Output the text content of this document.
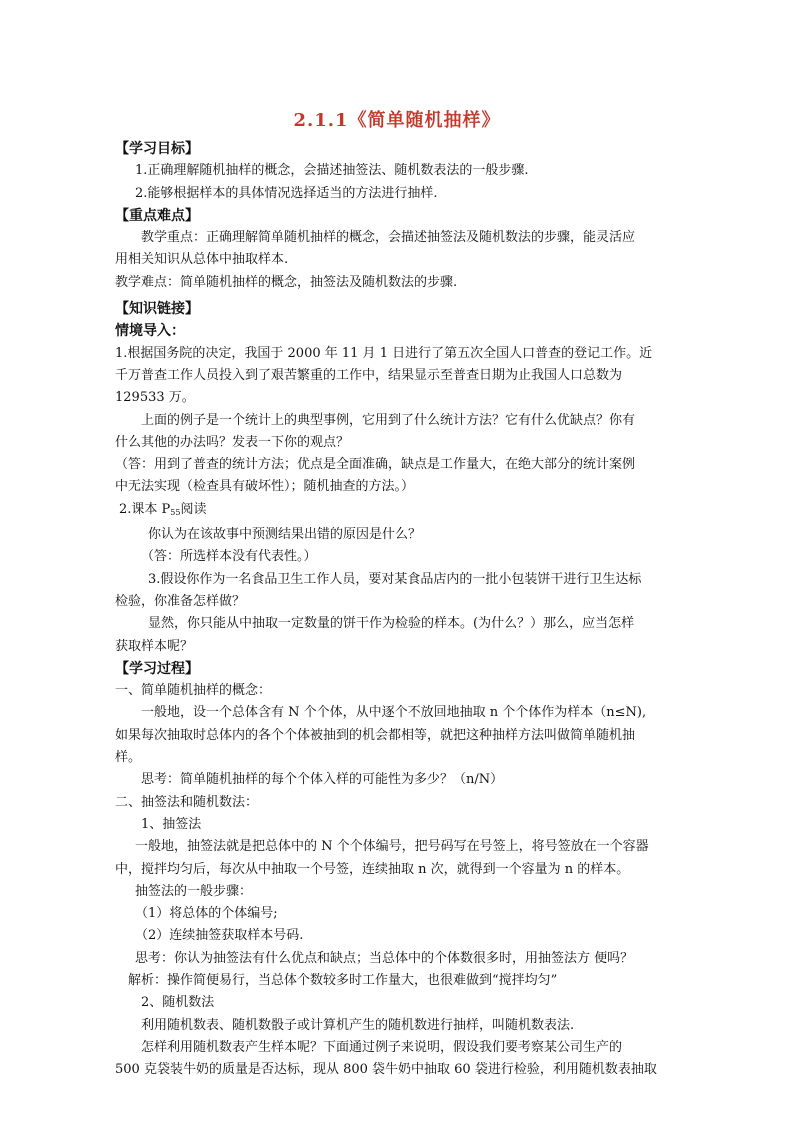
2.1.1《简单随机抽样》

【学习目标】

1.正确理解随机抽样的概念，会描述抽签法、随机数表法的一般步骤.

2.能够根据样本的具体情况选择适当的方法进行抽样.

【重点难点】

教学重点：正确理解简单随机抽样的概念，会描述抽签法及随机数法的步骤，能灵活应

用相关知识从总体中抽取样本.

教学难点：简单随机抽样的概念，抽签法及随机数法的步骤.

【知识链接】

情境导入：

1.根据国务院的决定，我国于 2000 年 11 月 1 日进行了第五次全国人口普查的登记工作。近

千万普查工作人员投入到了艰苦繁重的工作中，结果显示至普查日期为止我国人口总数为

129533 万。

上面的例子是一个统计上的典型事例，它用到了什么统计方法？它有什么优缺点？你有

什么其他的办法吗？发表一下你的观点？

（答：用到了普查的统计方法；优点是全面准确，缺点是工作量大，在绝大部分的统计案例

中无法实现（检查具有破坏性）；随机抽查的方法。）

2.课本 $P_{55}$阅读

你认为在该故事中预测结果出错的原因是什么？

（答：所选样本没有代表性。）

3.假设你作为一名食品卫生工作人员，要对某食品店内的一批小包装饼干进行卫生达标

检验，你准备怎样做？

显然，你只能从中抽取一定数量的饼干作为检验的样本。(为什么？）那么，应当怎样

获取样本呢？

【学习过程】

一、简单随机抽样的概念：

一般地，设一个总体含有 N 个个体，从中逐个不放回地抽取 n 个个体作为样本（n≤N),

如果每次抽取时总体内的各个个体被抽到的机会都相等，就把这种抽样方法叫做简单随机抽

样。

思考：简单随机抽样的每个个体入样的可能性为多少？（n/N）

二、抽签法和随机数法：

1、抽签法

一般地，抽签法就是把总体中的 N 个个体编号，把号码写在号签上，将号签放在一个容器

中，搅拌均匀后，每次从中抽取一个号签，连续抽取 n 次，就得到一个容量为 n 的样本。

抽签法的一般步骤：

（1）将总体的个体编号;

（2）连续抽签获取样本号码.

思考：你认为抽签法有什么优点和缺点；当总体中的个体数很多时，用抽签法方 便吗？

解析：操作简便易行，当总体个数较多时工作量大，也很难做到“搅拌均匀”

2、随机数法

利用随机数表、随机数骰子或计算机产生的随机数进行抽样，叫随机数表法.

怎样利用随机数表产生样本呢？下面通过例子来说明，假设我们要考察某公司生产的

500 克袋装牛奶的质量是否达标，现从 800 袋牛奶中抽取 60 袋进行检验，利用随机数表抽取
